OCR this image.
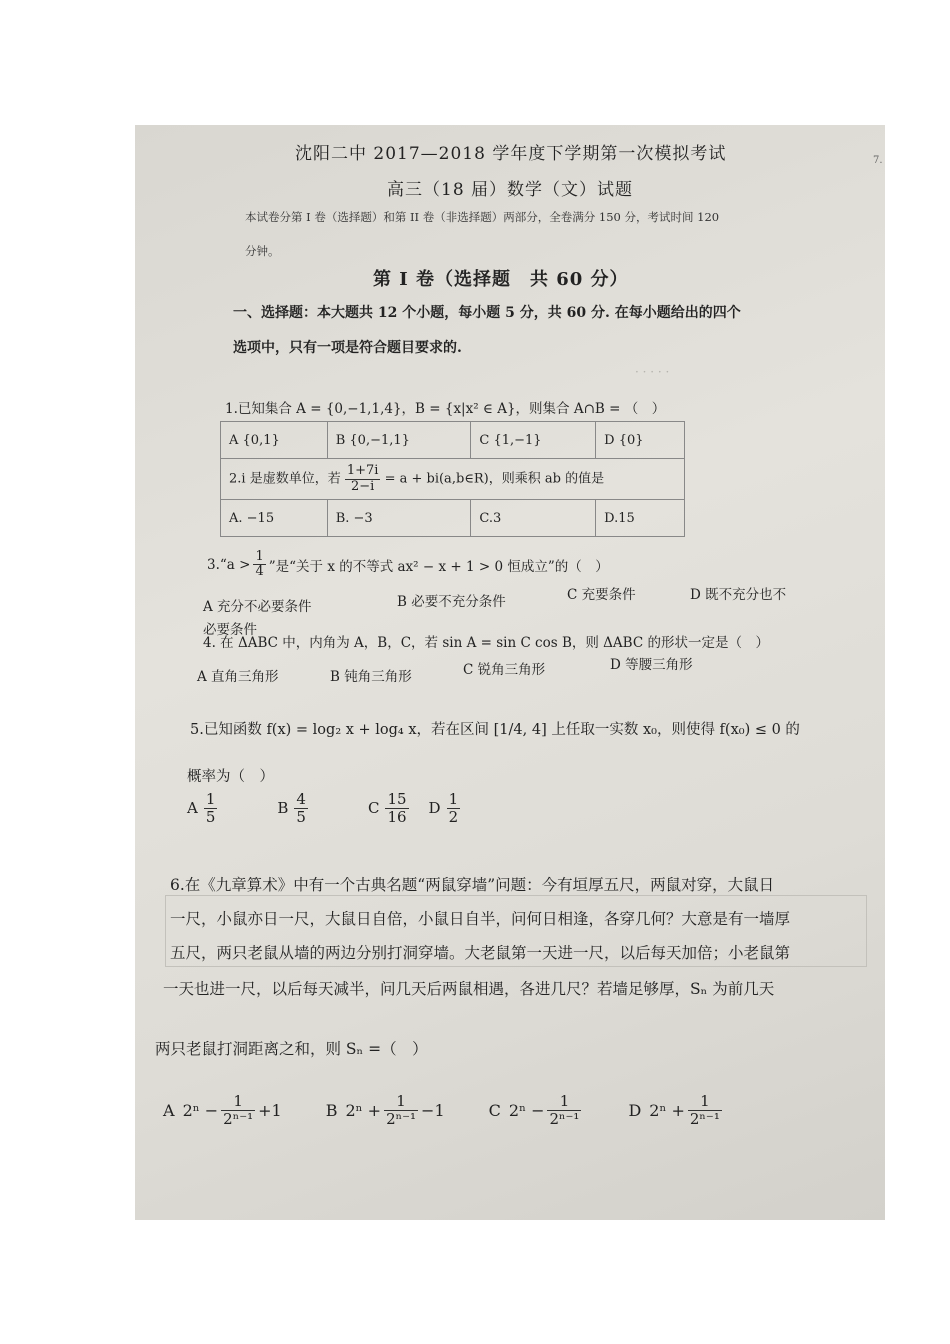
· · · · ·
沈阳二中 2017—2018 学年度下学期第一次模拟考试	7.
高三（18 届）数学（文）试题
本试卷分第 I 卷（选择题）和第 II 卷（非选择题）两部分，全卷满分 150 分，考试时间 120
分钟。
第 I 卷（选择题　共 60 分）
一、选择题：本大题共 12 个小题，每小题 5 分，共 60 分. 在每小题给出的四个
选项中，只有一项是符合题目要求的.
1.已知集合 A = {0,−1,1,4}，B = {x|x² ∈ A}，则集合 A∩B = （　）
A {0,1}	B {0,−1,1}	C {1,−1}	D {0}
2.i 是虚数单位，若 $\frac{1+7i}{2-i} = a$ + bi(a,b∈R)，则乘积 ab 的值是			
A. −15	B. −3	C.3	D.15
3.“a > $\frac{1}{4}$ ”是“关于 x 的不等式 ax² − x + 1 > 0 恒成立”的（　）
A 充分不必要条件	B 必要不充分条件	C 充要条件	D 既不充分也不
必要条件
4. 在 ΔABC 中，内角为 A，B，C，若 sin A = sin C cos B，则 ΔABC 的形状一定是（　）
A 直角三角形	B 钝角三角形	C 锐角三角形	D 等腰三角形
5.已知函数 f(x) = log₂ x + log₄ x，若在区间 [1/4, 4] 上任取一实数 x₀，则使得 f(x₀) ≤ 0 的
概率为（　）
A $\frac{1}{5}$	B $\frac{4}{5}$	C $\frac{15}{16}$ D $\frac{1}{2}$
6.在《九章算术》中有一个古典名题“两鼠穿墙”问题：今有垣厚五尺，两鼠对穿，大鼠日
一尺，小鼠亦日一尺，大鼠日自倍，小鼠日自半，问何日相逢，各穿几何？大意是有一墙厚
五尺，两只老鼠从墙的两边分别打洞穿墙。大老鼠第一天进一尺，以后每天加倍；小老鼠第
一天也进一尺，以后每天减半，问几天后两鼠相遇，各进几尺？若墙足够厚，Sₙ 为前几天
两只老鼠打洞距离之和，则 Sₙ =（　）
A $2^n - \frac{1}{\text{2ⁿ⁻¹}} +1$	B $2^n + \frac{1}{\text{2ⁿ⁻¹}} -1$	C $2^n - \frac{1}{\text{2ⁿ⁻¹}}$	D $2^n + \frac{1}{\text{2ⁿ⁻¹}}$
